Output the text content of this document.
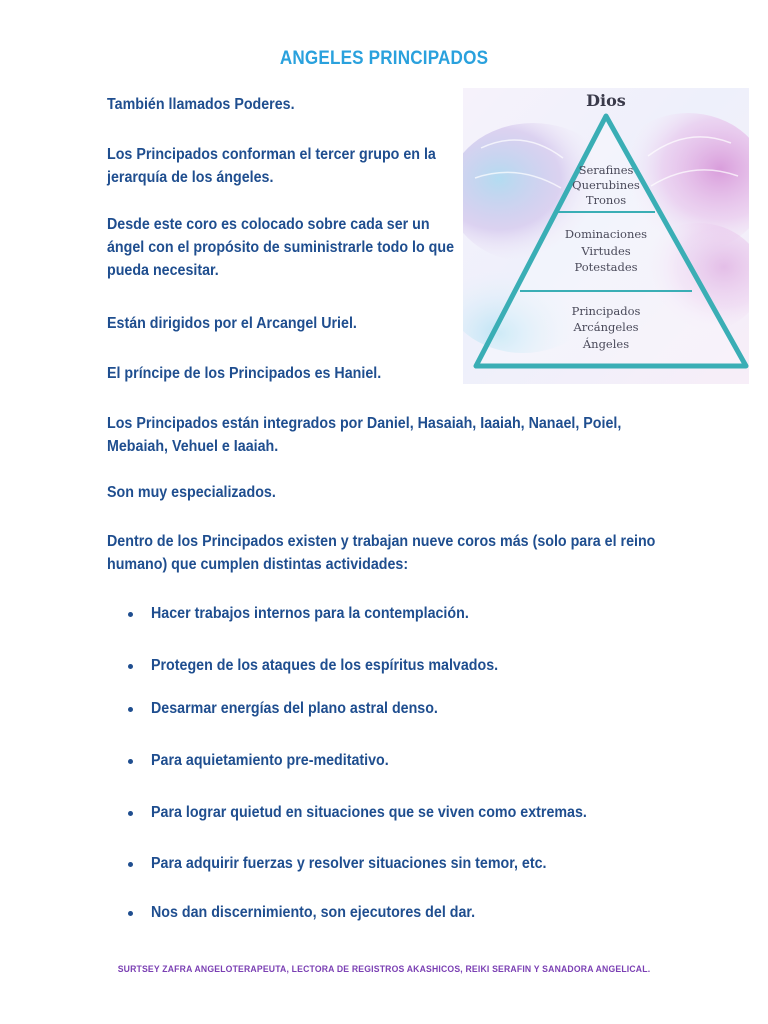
ANGELES PRINCIPADOS

También llamados Poderes.

Los Principados conforman el tercer grupo en la jerarquía de los ángeles.

Desde este coro es colocado sobre cada ser un ángel con el propósito de suministrarle todo lo que pueda necesitar.

Están dirigidos por el Arcangel Uriel.

El príncipe de los Principados es Haniel.

Los Principados están integrados por Daniel, Hasaiah, Iaaiah, Nanael, Poiel, Mebaiah, Vehuel e Iaaiah.

Son muy especializados.

Dentro de los Principados existen y trabajan nueve coros más (solo para el reino humano) que cumplen distintas actividades:

Hacer trabajos internos para la contemplación.
Protegen de los ataques de los espíritus malvados.
Desarmar energías del plano astral denso.
Para aquietamiento pre-meditativo.
Para lograr quietud en situaciones que se viven como extremas.
Para adquirir fuerzas y resolver situaciones sin temor, etc.
Nos dan discernimiento, son ejecutores del dar.
Dios
Serafines
Querubines
Tronos
Dominaciones
Virtudes
Potestades
Principados
Arcángeles
Ángeles
SURTSEY ZAFRA ANGELOTERAPEUTA, LECTORA DE REGISTROS AKASHICOS, REIKI SERAFIN Y SANADORA ANGELICAL.
